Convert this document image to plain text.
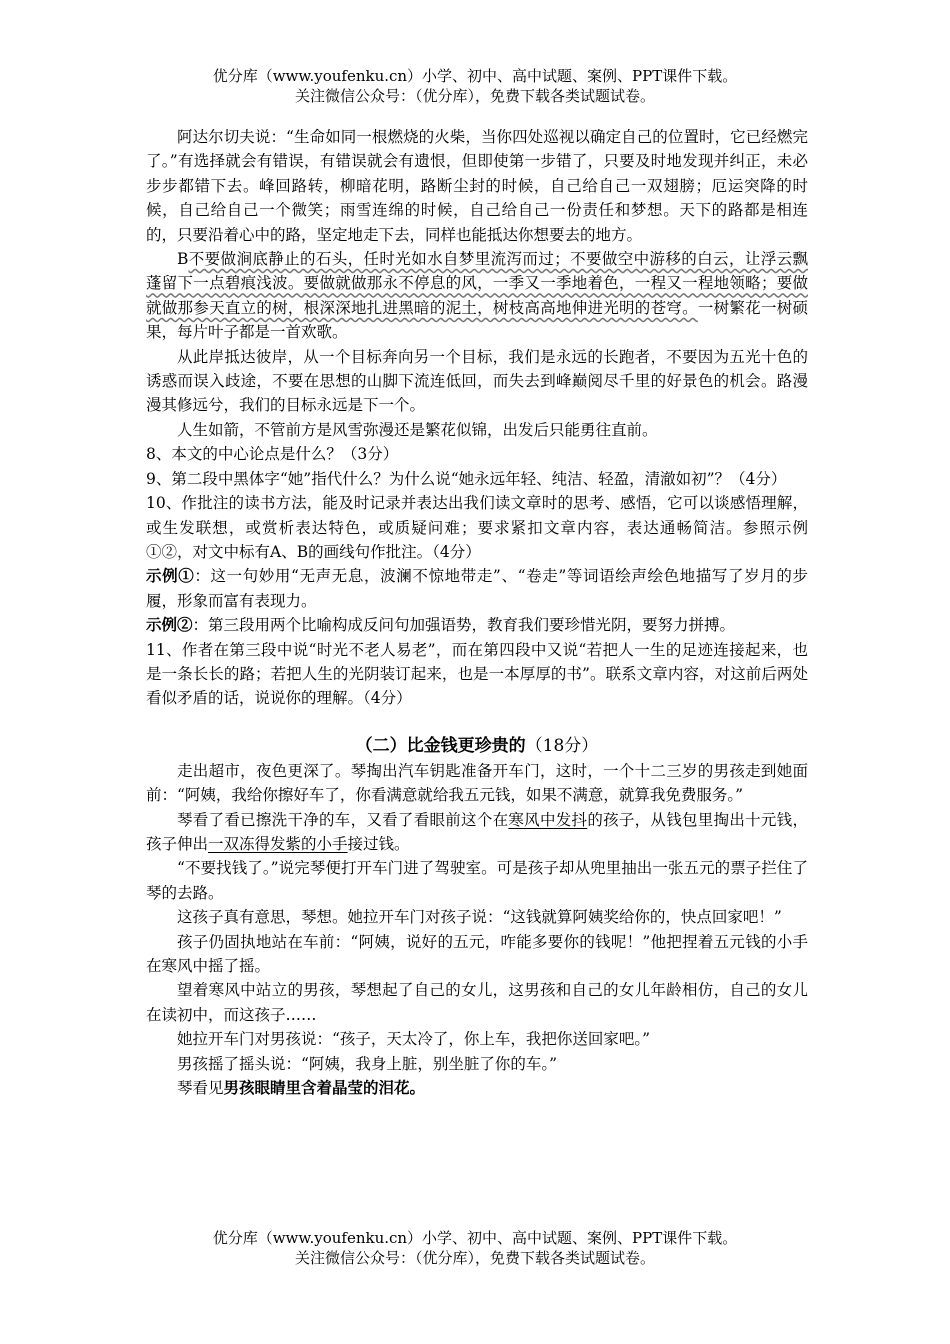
优分库（www.youfenku.cn）小学、初中、高中试题、案例、PPT课件下载。
关注微信公众号：（优分库），免费下载各类试题试卷。

阿达尔切夫说：“生命如同一根燃烧的火柴，当你四处巡视以确定自己的位置时，它已经燃完了。”有选择就会有错误，有错误就会有遗恨，但即使第一步错了，只要及时地发现并纠正，未必步步都错下去。峰回路转，柳暗花明，路断尘封的时候，自己给自己一双翅膀；厄运突降的时候，自己给自己一个微笑；雨雪连绵的时候，自己给自己一份责任和梦想。天下的路都是相连的，只要沿着心中的路，坚定地走下去，同样也能抵达你想要去的地方。

B不要做涧底静止的石头，任时光如水自梦里流泻而过；不要做空中游移的白云，让浮云飘蓬留下一点碧痕浅波。要做就做那永不停息的风，一季又一季地着色，一程又一程地领略；要做就做那参天直立的树，根深深地扎进黑暗的泥土，树枝高高地伸进光明的苍穹。一树繁花一树硕果，每片叶子都是一首欢歌。

从此岸抵达彼岸，从一个目标奔向另一个目标，我们是永远的长跑者，不要因为五光十色的诱惑而误入歧途，不要在思想的山脚下流连低回，而失去到峰巅阅尽千里的好景色的机会。路漫漫其修远兮，我们的目标永远是下一个。

人生如箭，不管前方是风雪弥漫还是繁花似锦，出发后只能勇往直前。

8、本文的中心论点是什么？（3分）

9、第二段中黑体字“她”指代什么？为什么说“她永远年轻、纯洁、轻盈，清澈如初”？（4分）

10、作批注的读书方法，能及时记录并表达出我们读文章时的思考、感悟，它可以谈感悟理解，或生发联想，或赏析表达特色，或质疑问难；要求紧扣文章内容，表达通畅简洁。参照示例①②，对文中标有A、B的画线句作批注。（4分）

示例①：这一句妙用“无声无息，波澜不惊地带走”、“卷走”等词语绘声绘色地描写了岁月的步履，形象而富有表现力。

示例②：第三段用两个比喻构成反问句加强语势，教育我们要珍惜光阴，要努力拼搏。

11、作者在第三段中说“时光不老人易老”，而在第四段中又说“若把人一生的足迹连接起来，也是一条长长的路；若把人生的光阴装订起来，也是一本厚厚的书”。联系文章内容，对这前后两处看似矛盾的话，说说你的理解。（4分）

（二）比金钱更珍贵的（18分）

走出超市，夜色更深了。琴掏出汽车钥匙准备开车门，这时，一个十二三岁的男孩走到她面前：“阿姨，我给你擦好车了，你看满意就给我五元钱，如果不满意，就算我免费服务。”

琴看了看已擦洗干净的车，又看了看眼前这个在寒风中发抖的孩子，从钱包里掏出十元钱，孩子伸出一双冻得发紫的小手接过钱。

“不要找钱了。”说完琴便打开车门进了驾驶室。可是孩子却从兜里抽出一张五元的票子拦住了琴的去路。

这孩子真有意思，琴想。她拉开车门对孩子说：“这钱就算阿姨奖给你的，快点回家吧！”

孩子仍固执地站在车前：“阿姨，说好的五元，咋能多要你的钱呢！”他把捏着五元钱的小手在寒风中摇了摇。

望着寒风中站立的男孩，琴想起了自己的女儿，这男孩和自己的女儿年龄相仿，自己的女儿在读初中，而这孩子……

她拉开车门对男孩说：“孩子，天太冷了，你上车，我把你送回家吧。”

男孩摇了摇头说：“阿姨，我身上脏，别坐脏了你的车。”

琴看见男孩眼睛里含着晶莹的泪花。

优分库（www.youfenku.cn）小学、初中、高中试题、案例、PPT课件下载。
关注微信公众号：（优分库），免费下载各类试题试卷。
